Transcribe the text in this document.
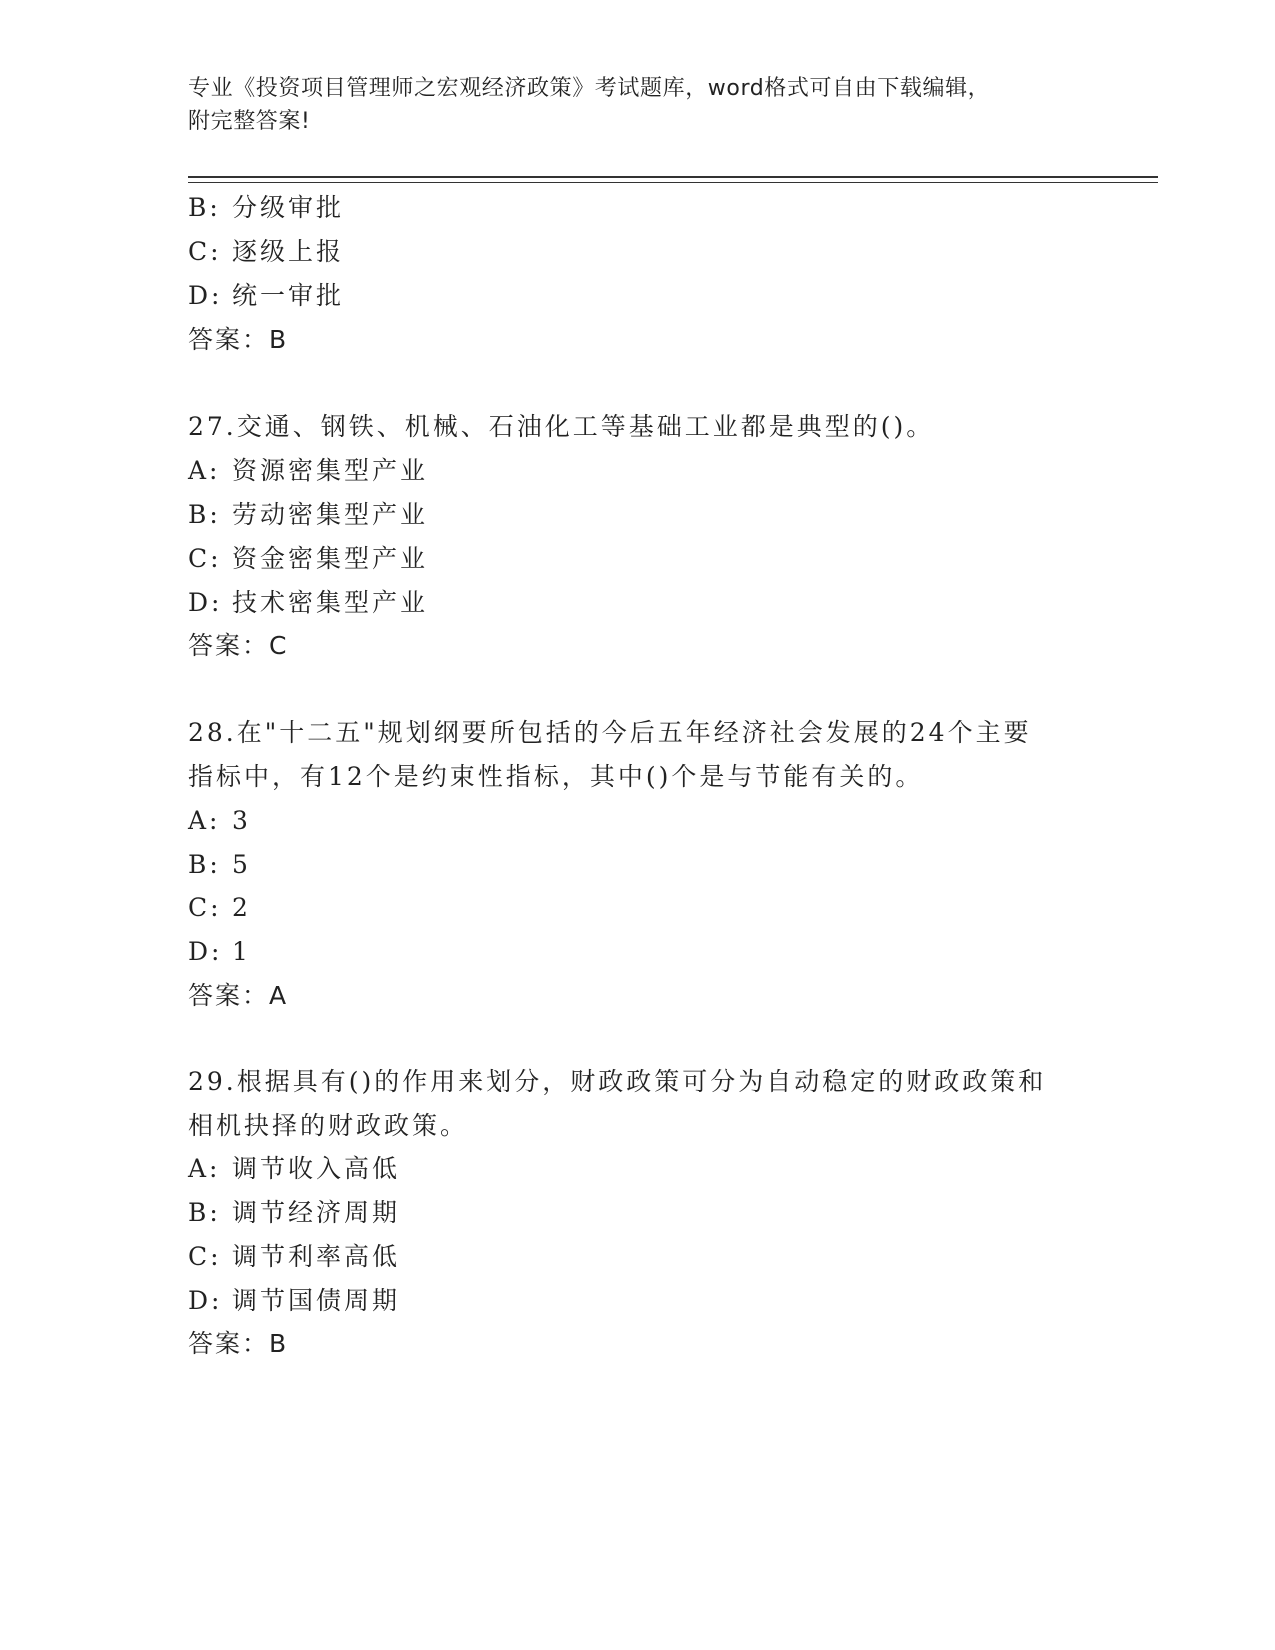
专业《投资项目管理师之宏观经济政策》考试题库，word格式可自由下载编辑，
附完整答案!
B: 分级审批
C: 逐级上报
D: 统一审批
答案：B
27.交通、钢铁、机械、石油化工等基础工业都是典型的()。
A: 资源密集型产业
B: 劳动密集型产业
C: 资金密集型产业
D: 技术密集型产业
答案：C
28.在"十二五"规划纲要所包括的今后五年经济社会发展的24个主要
指标中，有12个是约束性指标，其中()个是与节能有关的。
A: 3
B: 5
C: 2
D: 1
答案：A
29.根据具有()的作用来划分，财政政策可分为自动稳定的财政政策和
相机抉择的财政政策。
A: 调节收入高低
B: 调节经济周期
C: 调节利率高低
D: 调节国债周期
答案：B
